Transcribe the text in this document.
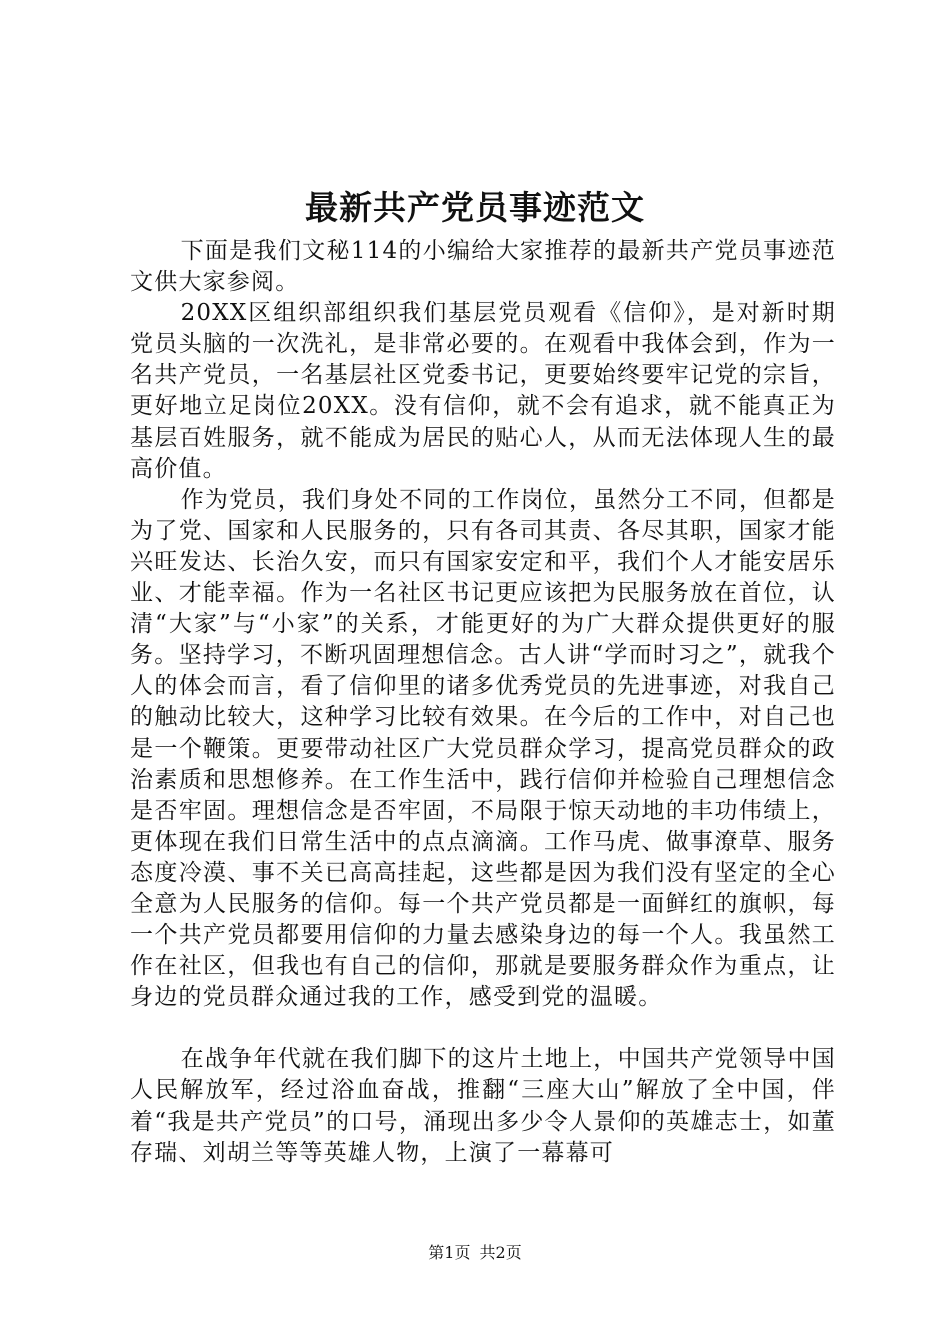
最新共产党员事迹范文

下面是我们文秘114的小编给大家推荐的最新共产党员事迹范文供大家参阅。

20XX区组织部组织我们基层党员观看《信仰》，是对新时期党员头脑的一次洗礼，是非常必要的。在观看中我体会到，作为一名共产党员，一名基层社区党委书记，更要始终要牢记党的宗旨，更好地立足岗位20XX。没有信仰，就不会有追求，就不能真正为基层百姓服务，就不能成为居民的贴心人，从而无法体现人生的最高价值。

作为党员，我们身处不同的工作岗位，虽然分工不同，但都是为了党、国家和人民服务的，只有各司其责、各尽其职，国家才能兴旺发达、长治久安，而只有国家安定和平，我们个人才能安居乐业、才能幸福。作为一名社区书记更应该把为民服务放在首位，认清“大家”与“小家”的关系，才能更好的为广大群众提供更好的服务。坚持学习，不断巩固理想信念。古人讲“学而时习之”，就我个人的体会而言，看了信仰里的诸多优秀党员的先进事迹，对我自己的触动比较大，这种学习比较有效果。在今后的工作中，对自己也是一个鞭策。更要带动社区广大党员群众学习，提高党员群众的政治素质和思想修养。在工作生活中，践行信仰并检验自己理想信念是否牢固。理想信念是否牢固，不局限于惊天动地的丰功伟绩上，更体现在我们日常生活中的点点滴滴。工作马虎、做事潦草、服务态度冷漠、事不关已高高挂起，这些都是因为我们没有坚定的全心全意为人民服务的信仰。每一个共产党员都是一面鲜红的旗帜，每一个共产党员都要用信仰的力量去感染身边的每一个人。我虽然工作在社区，但我也有自己的信仰，那就是要服务群众作为重点，让身边的党员群众通过我的工作，感受到党的温暖。

在战争年代就在我们脚下的这片土地上，中国共产党领导中国人民解放军，经过浴血奋战，推翻“三座大山”解放了全中国，伴着“我是共产党员”的口号，涌现出多少令人景仰的英雄志士，如董存瑞、刘胡兰等等英雄人物，上演了一幕幕可

第1页 共2页
